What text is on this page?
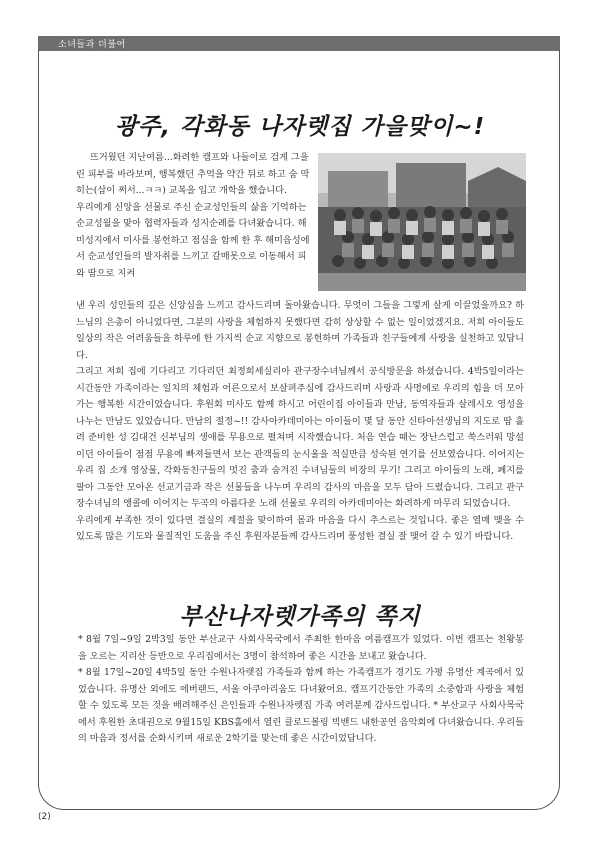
소녀들과 더불어
광주, 각화동 나자렛집 가을맞이~!

뜨거웠던 지난여름...화려한 캠프와 나들이로 검게 그을린 피부를 바라보며, 행복했던 추억을 약간 뒤로 하고 숨 막히는(삼이 쩌서...ㅋㅋ) 교복을 입고 개학을 했습니다.

우리에게 신앙을 선물로 주신 순교성인들의 삶을 기억하는 순교성월을 맞아 협력자들과 성지순례를 다녀왔습니다. 해미성지에서 미사를 봉헌하고 점심을 함께 한 후 해미읍성에서 순교성인들의 발자취를 느끼고 갈매못으로 이동해서 피와 땀으로 지켜

낸 우리 성인들의 깊은 신앙심을 느끼고 감사드리며 돌아왔습니다. 무엇이 그들을 그렇게 살게 이끌었을까요? 하느님의 은총이 아니었다면, 그분의 사랑을 체험하지 못했다면 감히 상상할 수 없는 일이었겠지요. 저희 아이들도 일상의 작은 어려움들을 하루에 한 가지씩 순교 지향으로 봉헌하며 가족들과 친구들에게 사랑을 실천하고 있답니다.

그리고 저희 집에 기다리고 기다리던 최정희세실리아 관구장수녀님께서 공식방문을 하셨습니다. 4박5일이라는 시간동안 가족이라는 일치의 체험과 어른으로서 보살펴주심에 감사드리며 사랑과 사명에로 우리의 힘을 더 모아가는 행복한 시간이었습니다. 후원회 미사도 함께 하시고 어린이집 아이들과 만남, 동역자들과 살레시오 영성을 나누는 만남도 있었습니다. 만남의 절정~!! 감사아카데미아는 아이들이 몇 달 동안 신타아선생님의 지도로 땀 흘려 준비한 성 김대건 신부님의 생애를 무용으로 펼쳐며 시작했습니다. 처음 연습 때는 장난스럽고 쑥스러워 망설이던 아이들이 점점 무용에 빠져들면서 보는 관객들의 눈시울을 적실만큼 성숙된 연기를 선보였습니다. 이어지는 우리 집 소개 영상물, 각화동친구들의 멋진 춤과 숨겨진 수녀님들의 비장의 무기! 그리고 아이들의 노래, 폐지를 팔아 그동안 모아온 선교기금과 작은 선물들을 나누며 우리의 감사의 마음을 모두 담아 드렸습니다. 그리고 관구장수녀님의 앵콜에 이어지는 두곡의 아름다운 노래 선물로 우리의 아카데미아는 화려하게 마무리 되었습니다.

우리에게 부족한 것이 있다면 결실의 계절을 맞이하여 몸과 마음을 다시 추스르는 것입니다. 좋은 열매 맺을 수 있도록 많은 기도와 물질적인 도움을 주신 후원자분들께 감사드리며 풍성한 결실 잘 맺어 갈 수 있기 바랍니다.

부산나자렛가족의 쪽지

* 8월 7일~9일 2박3일 동안 부산교구 사회사목국에서 주최한 한마음 여름캠프가 있었다. 이번 캠프는 천왕봉을 오르는 지리산 등반으로 우리집에서는 3명이 참석하여 좋은 시간을 보내고 왔습니다.

* 8월 17일~20일 4박5일 동안 수원나자렛집 가족들과 함께 하는 가족캠프가 경기도 가평 유명산 계곡에서 있었습니다. 유명산 외에도 에버랜드, 서울 아쿠아리움도 다녀왔어요. 캠프기간동안 가족의 소중함과 사랑을 체험할 수 있도록 모든 것을 배려해주신 은인들과 수원나자렛집 가족 여러분께 감사드립니다. * 부산교구 사회사목국에서 후원한 초대권으로 9월15일 KBS홀에서 열린 클로드볼링 빅밴드 내한공연 음악회에 다녀왔습니다. 우리들의 마음과 정서를 순화시키며 새로운 2학기를 맞는데 좋은 시간이었답니다.

(2)
